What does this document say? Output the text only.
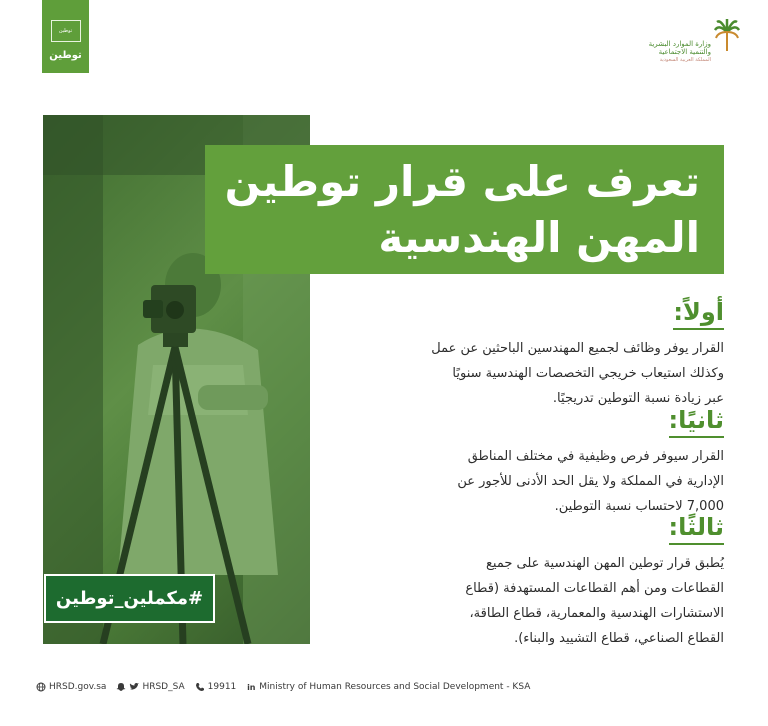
توطين
توطين
وزارة الموارد البشرية
والتنمية الاجتماعية
المملكة العربية السعودية
#مكملين_توطين
تعرف على قرار توطين
المهن الهندسية
أولاً:
القرار يوفر وظائف لجميع المهندسين الباحثين عن عمل
وكذلك استيعاب خريجي التخصصات الهندسية سنويًا
عبر زيادة نسبة التوطين تدريجيًا.
ثانيًا:
القرار سيوفر فرص وظيفية في مختلف المناطق
الإدارية في المملكة ولا يقل الحد الأدنى للأجور عن
7,000 لاحتساب نسبة التوطين.
ثالثًا:
يُطبق قرار توطين المهن الهندسية على جميع
القطاعات ومن أهم القطاعات المستهدفة (قطاع
الاستشارات الهندسية والمعمارية، قطاع الطاقة،
القطاع الصناعي، قطاع التشييد والبناء).
HRSD.gov.sa	HRSD_SA	19911 in Ministry of Human Resources and Social Development - KSA
